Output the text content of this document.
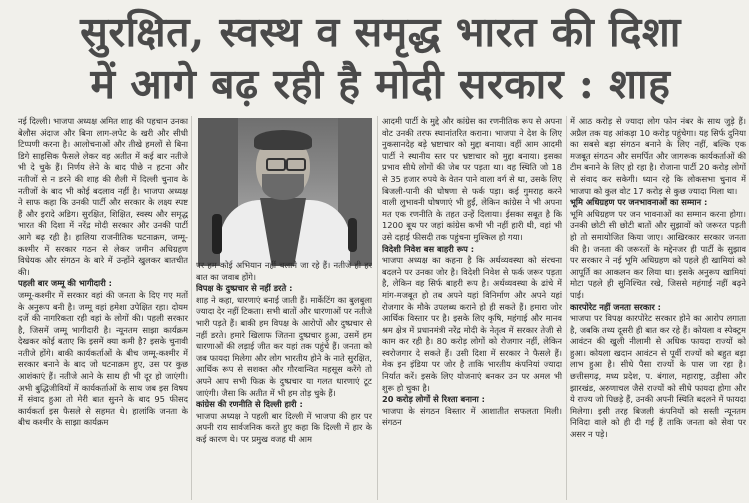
सुरक्षित, स्वस्थ व समृद्ध भारत की दिशा
में आगे बढ़ रही है मोदी सरकार : शाह

नई दिल्ली। भाजपा अध्यक्ष अमित शाह की पहचान उनका बेलौस अंदाज और बिना लाग-लपेट के खरी और सीधी टिप्पणी करना है। आलोचनाओं और तीखे हमलों से बिना डिगे साहसिक फैसले लेकर वह अतीत में कई बार नतीजे भी दे चुके हैं। निर्णय लेने के बाद पीछे न हटना और नतीजों से न डरने की शाह की शैली में दिल्ली चुनाव के नतीजों के बाद भी कोई बदलाव नहीं है। भाजपा अध्यक्ष ने साफ कहा कि उनकी पार्टी और सरकार के लक्ष्य स्पष्ट हैं और इरादे अडिग। सुरक्षित, शिक्षित, स्वस्थ और समृद्ध भारत की दिशा में नरेंद्र मोदी सरकार और उनकी पार्टी आगे बढ़ रही है। हालिया राजनीतिक घटनाक्रम, जम्मू-कश्मीर में सरकार गठन से लेकर जमीन अधिग्रहण विधेयक और संगठन के बारे में उन्होंने खुलकर बातचीत की।

पहली बार जम्मू की भागीदारी :

जम्मू-कश्मीर में सरकार वहां की जनता के दिए गए मतों के अनुरूप बनी है। जम्मू वहां हमेशा उपेक्षित रहा। दोयम दर्जे की नागरिकता रही वहां के लोगों की। पहली सरकार है, जिसमें जम्मू भागीदारी है। न्यूनतम साझा कार्यक्रम देखकर कोई बताए कि इसमें क्या कमी है? इसके चुनावी नतीजे होंगे। बाकी कार्यकर्ताओं के बीच जम्मू-कश्मीर में सरकार बनाने के बाद जो घटनाक्रम हुए, उस पर कुछ आशंकाएं हैं। नतीजे आने के साथ ही भी दूर हो जाएंगी। अभी बुद्धिजीवियों में कार्यकर्ताओं के साथ जब इस विषय में संवाद हुआ तो मेरी बात सुनने के बाद 95 फीसद कार्यकर्ता इस फैसले से सहमत थे। हालांकि जनता के बीच कश्मीर के साझा कार्यक्रम

पर हम कोई अभियान नहीं चलाने जा रहे हैं। नतीजे ही हर बात का जवाब होंगे।

विपक्ष के दुष्प्रचार से नहीं डरते :

शाह ने कहा, धारणाएं बनाई जाती हैं। मार्केटिंग का बुलबुला ज्यादा देर नहीं टिकता। सभी बातों और धारणाओं पर नतीजे भारी पड़ते हैं। बाकी हम विपक्ष के आरोपों और दुष्प्रचार से नहीं डरते। हमारे खिलाफ जितना दुष्प्रचार हुआ, उसमें हम धारणाओं की लड़ाई जीत कर यहां तक पहुंचे हैं। जनता को जब फायदा मिलेगा और लोग भारतीय होने के नाते सुरक्षित, आर्थिक रूप से सशक्त और गौरवान्वित महसूस करेंगे तो अपने आप सभी फिक्र के दुष्प्रचार या गलत धारणाएं टूट जाएंगी। जैसा कि अतीत में भी हम तोड़ चुके हैं।

कांग्रेस की रणनीति से दिल्ली हारी :

भाजपा अध्यक्ष ने पहली बार दिल्ली में भाजपा की हार पर अपनी राय सार्वजनिक करते हुए कहा कि दिल्ली में हार के कई कारण थे। पर प्रमुख वजह थी आम

आदमी पार्टी के मुद्दे और कांग्रेस का रणनीतिक रूप से अपना वोट उनकी तरफ स्थानांतरित कराना। भाजपा ने देश के लिए नुकसानदेह बड़े भ्रष्टाचार को मुद्दा बनाया। वहीं आम आदमी पार्टी ने स्थानीय स्तर पर भ्रष्टाचार को मुद्दा बनाया। इसका प्रभाव सीधे लोगों की जेब पर पड़ता था। वह स्थिति जो 18 से 35 हजार रुपये के वेतन पाने वाला वर्ग से था, उसके लिए बिजली-पानी की घोषणा से फर्क पड़ा। कई गुमराह करने वाली लुभावनी घोषणाएं भी हुईं, लेकिन कांग्रेस ने भी अपना मत एक रणनीति के तहत उन्हें दिलाया। ईसका सबूत है कि 1200 बूथ पर जहां कांग्रेस कभी भी नहीं हारी थी, वहां भी उसे दहाई फीसदी तक पहुंचना मुश्किल हो गया।

विदेशी निवेश बस बाहरी रूप :

भाजपा अध्यक्ष का कहना है कि अर्थव्यवस्था को संरचना बदलने पर उनका जोर है। विदेशी निवेश से फर्क जरूर पड़ता है, लेकिन वह सिर्फ बाहरी रूप है। अर्थव्यवस्था के ढांचे में मांग-मजबूत हो तब अपने यहां विनिर्माण और अपने यहां रोजगार के मौके उपलब्ध कराने हो ही सकते हैं। हमारा जोर आर्थिक विस्तार पर है। इसके लिए कृषि, महंगाई और मानव श्रम क्षेत्र में प्रधानमंत्री नरेंद्र मोदी के नेतृत्व में सरकार तेजी से काम कर रही है। 80 करोड़ लोगों को रोजगार नहीं, लेकिन स्वरोजगार दे सकते हैं। उसी दिशा में सरकार ने फैसले हैं। मेक इन इंडिया पर जोर है ताकि भारतीय कंपनियां ज्यादा निर्यात करें। इसके लिए योजनाएं बनकर उन पर अमल भी शुरू हो चुका है।

20 करोड़ लोगों से रिश्ता बनाना :

भाजपा के संगठन विस्तार में आशातीत सफलता मिली। संगठन

में आठ करोड़ से ज्यादा लोग फोन नंबर के साथ जुड़े हैं। अप्रैल तक यह आंकड़ा 10 करोड़ पहुंचेगा। यह सिर्फ दुनिया का सबसे बड़ा संगठन बनाने के लिए नहीं, बल्कि एक मजबूत संगठन और समर्पित और जागरूक कार्यकर्ताओं की टीम बनाने के लिए हो रहा है। रोजाना पार्टी 20 करोड़ लोगों से संवाद कर सकेगी। ध्यान रहे कि लोकसभा चुनाव में भाजपा को कुल वोट 17 करोड़ से कुछ ज्यादा मिला था।

भूमि अधिग्रहण पर जनभावनाओं का सम्मान :

भूमि अधिग्रहण पर जन भावनाओं का सम्मान करना होगा। उनकी छोटी सी छोटी बातों और सुझावों को जरूरत पड़ती हो तो समायोजित किया जाए। आखिरकार सरकार जनता की है। जनता की जरूरतों के मद्देनजर ही पार्टी के सुझाव पर सरकार ने नई भूमि अधिग्रहण को पहले ही खामियां को आपूर्ति का आकलन कर लिया था। इसके अनुरूप खामियां मोटा पहले ही सुनिश्चित रखे, जिससे महंगाई नहीं बढ़ने पाई।

कारपोरेट नहीं जनता सरकार :

भाजपा पर विपक्ष कारपोरेट सरकार होने का आरोप लगाता है, जबकि तथ्य दूसरी ही बात कर रहे हैं। कोयला व स्पेक्ट्रम आवंटन की खुली नीलामी से अधिक फायदा राज्यों को हुआ। कोयला खदान आवंटन से पूर्वी राज्यों को बहुत बड़ा लाभ हुआ है। सीधे पैसा राज्यों के पास जा रहा है। छत्तीसगढ़, मध्य प्रदेश, प. बंगाल, महाराष्ट्र, उड़ीसा और झारखंड, अरुणाचल जैसे राज्यों को सीधे फायदा होगा और ये राज्य जो पिछड़े हैं, उनकी अपनी स्थिति बदलने में फायदा मिलेगा। इसी तरह बिजली कंपनियों को सस्ती न्यूनतम निविदा वाले को ही दी गई हैं ताकि जनता को सेवा पर असर न पड़े।
